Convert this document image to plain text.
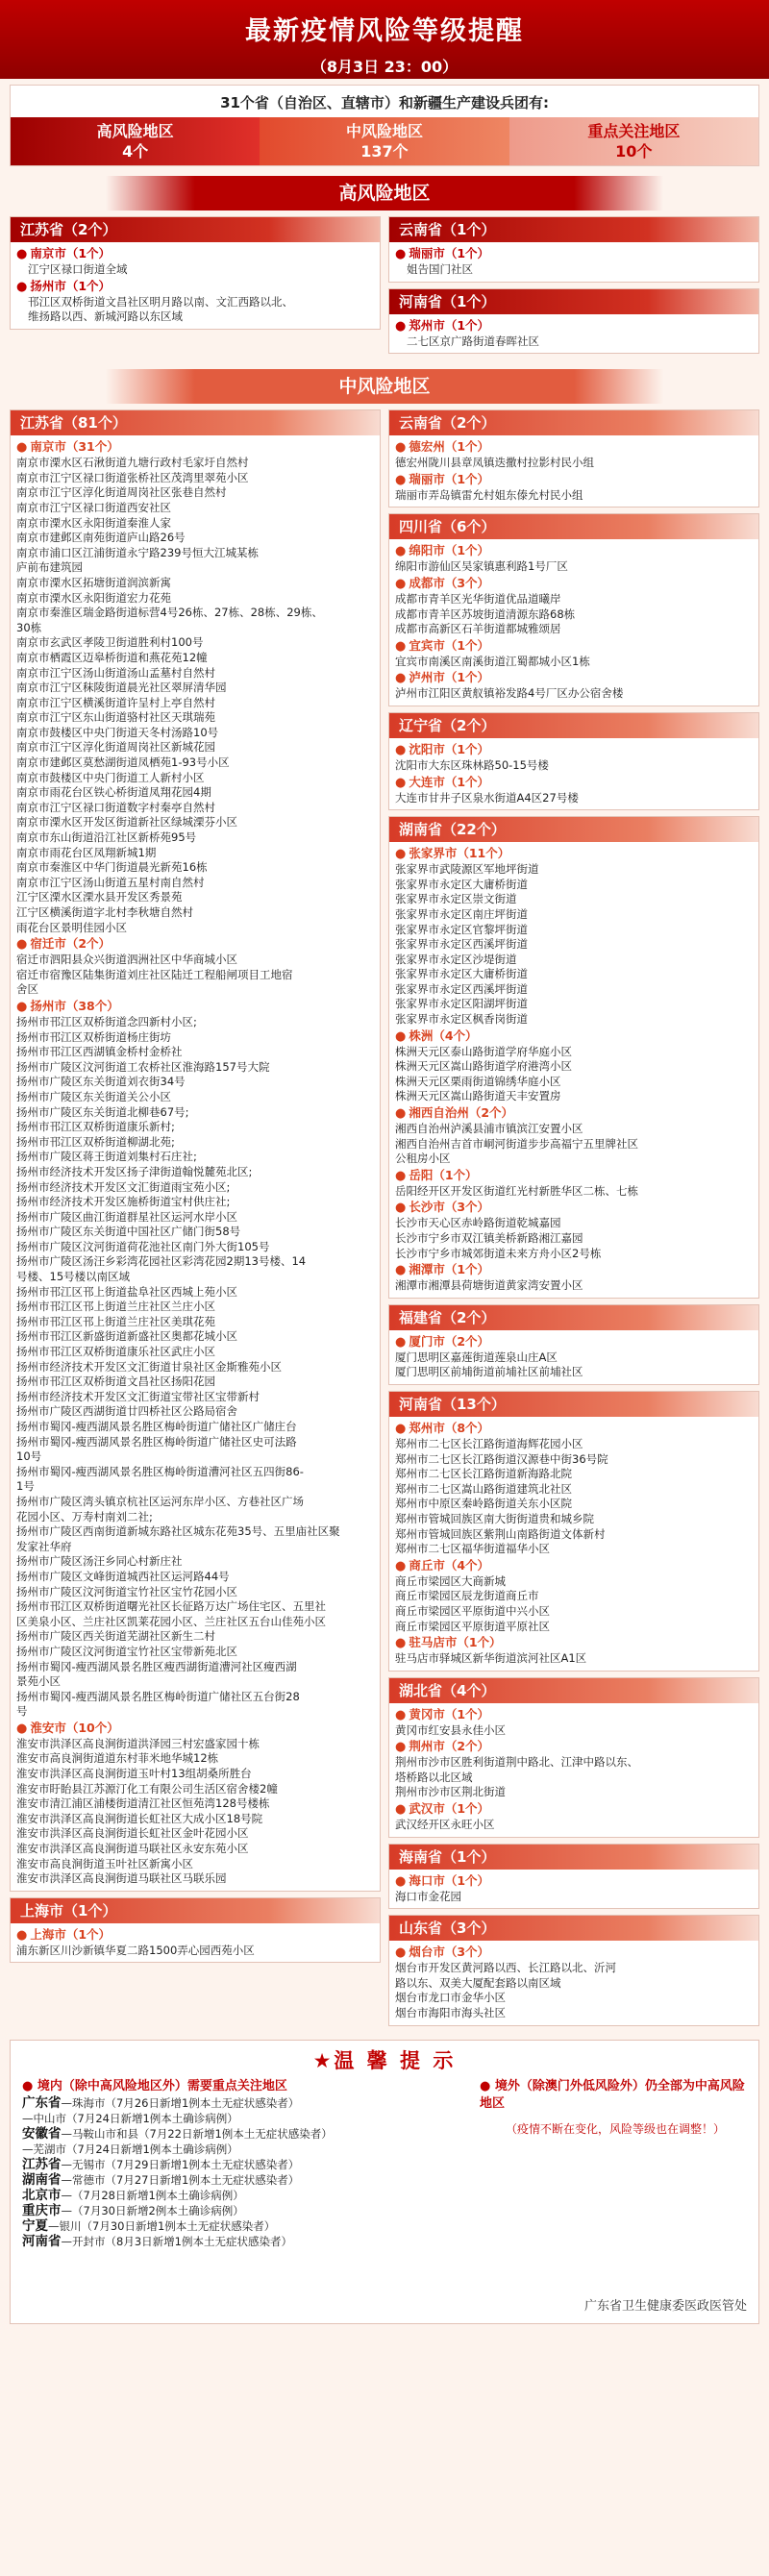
最新疫情风险等级提醒
（8月3日 23：00）
31个省（自治区、直辖市）和新疆生产建设兵团有:
高风险地区
4个
中风险地区
137个
重点关注地区
10个
高风险地区
江苏省（2个）
● 南京市（1个）
江宁区禄口街道全域
● 扬州市（1个）
邗江区双桥街道文昌社区明月路以南、文汇西路以北、
维扬路以西、新城河路以东区域
云南省（1个）
● 瑞丽市（1个）
姐告国门社区
河南省（1个）
● 郑州市（1个）
二七区京广路街道春晖社区
中风险地区
江苏省（81个）
● 南京市（31个）
南京市溧水区石湫街道九塘行政村毛家圩自然村
南京市江宁区禄口街道张桥社区茂湾里翠苑小区
南京市江宁区淳化街道周岗社区张巷自然村
南京市江宁区禄口街道西安社区
南京市溧水区永阳街道秦淮人家
南京市建邺区南苑街道庐山路26号
南京市浦口区江浦街道永宁路239号恒大江城某栋
庐前布建筑园
南京市溧水区拓塘街道润滨新寓
南京市溧水区永阳街道宏力花苑
南京市秦淮区瑞金路街道标营4号26栋、27栋、28栋、29栋、
30栋
南京市玄武区孝陵卫街道胜利村100号
南京市栖霞区迈皋桥街道和燕花苑12幢
南京市江宁区汤山街道汤山孟墓村自然村
南京市江宁区秣陵街道晨光社区翠屏清华园
南京市江宁区横溪街道许呈村上亭自然村
南京市江宁区东山街道骆村社区天琪瑞苑
南京市鼓楼区中央门街道天冬村汤路10号
南京市江宁区淳化街道周岗社区新城花园
南京市建邺区莫愁湖街道凤栖苑1-93号小区
南京市鼓楼区中央门街道工人新村小区
南京市雨花台区铁心桥街道凤翔花园4期
南京市江宁区禄口街道数字村秦亭自然村
南京市溧水区开发区街道新社区绿城溧芬小区
南京市东山街道沿江社区新桥苑95号
南京市雨花台区凤翔新城1期
南京市秦淮区中华门街道晨光新苑16栋
南京市江宁区汤山街道五星村南自然村
江宁区溧水区溧水县开发区秀景苑
江宁区横溪街道字北村李秋塘自然村
雨花台区景明佳园小区
● 宿迁市（2个）
宿迁市泗阳县众兴街道泗洲社区中华商城小区
宿迁市宿豫区陆集街道刘庄社区陆迁工程船闸项目工地宿
舍区
● 扬州市（38个）
扬州市邗江区双桥街道念四新村小区;
扬州市邗江区双桥街道杨庄街坊
扬州市邗江区西湖镇金桥村金桥社
扬州市广陵区汶河街道工农桥社区淮海路157号大院
扬州市广陵区东关街道刘衣街34号
扬州市广陵区东关街道关公小区
扬州市广陵区东关街道北柳巷67号;
扬州市邗江区双桥街道康乐新村;
扬州市邗江区双桥街道柳湖北苑;
扬州市广陵区蒋王街道刘集村石庄社;
扬州市经济技术开发区扬子津街道翰悦麓苑北区;
扬州市经济技术开发区文汇街道雨宝苑小区;
扬州市经济技术开发区施桥街道宝村供庄社;
扬州市广陵区曲江街道群星社区运河水岸小区
扬州市广陵区东关街道中国社区广储门街58号
扬州市广陵区汶河街道荷花池社区南门外大街105号
扬州市广陵区汤汪乡彩湾花园社区彩湾花园2期13号楼、14
号楼、15号楼以南区域
扬州市邗江区邗上街道盐阜社区西城上苑小区
扬州市邗江区邗上街道兰庄社区兰庄小区
扬州市邗江区邗上街道兰庄社区美琪花苑
扬州市邗江区新盛街道新盛社区奥都花城小区
扬州市邗江区双桥街道康乐社区武庄小区
扬州市经济技术开发区文汇街道甘泉社区金斯雅苑小区
扬州市邗江区双桥街道文昌社区扬阳花园
扬州市经济技术开发区文汇街道宝带社区宝带新村
扬州市广陵区西湖街道廿四桥社区公路局宿舍
扬州市蜀冈-瘦西湖风景名胜区梅岭街道广储社区广储庄台
扬州市蜀冈-瘦西湖风景名胜区梅岭街道广储社区史可法路
10号
扬州市蜀冈-瘦西湖风景名胜区梅岭街道漕河社区五四街86-
1号
扬州市广陵区湾头镇京杭社区运河东岸小区、方巷社区广场
花园小区、万寿村南刘二社;
扬州市广陵区西南街道新城东路社区城东花苑35号、五里庙社区聚
发家社华府
扬州市广陵区汤汪乡同心村新庄社
扬州市广陵区文峰街道城西社区运河路44号
扬州市广陵区汶河街道宝竹社区宝竹花园小区
扬州市邗江区双桥街道曙光社区长征路万达广场住宅区、五里社
区美泉小区、兰庄社区凯莱花园小区、兰庄社区五台山佳苑小区
扬州市广陵区西关街道芜湖社区新生二村
扬州市广陵区汶河街道宝竹社区宝带新苑北区
扬州市蜀冈-瘦西湖风景名胜区瘦西湖街道漕河社区瘦西湖
景苑小区
扬州市蜀冈-瘦西湖风景名胜区梅岭街道广储社区五台街28
号
● 淮安市（10个）
淮安市洪泽区高良涧街道洪泽园三村宏盛家园十栋
淮安市高良涧街道道东村菲米地华城12栋
淮安市洪泽区高良涧街道玉叶村13组胡桑所胜台
淮安市盱眙县江苏源汀化工有限公司生活区宿舍楼2幢
淮安市清江浦区浦楼街道清江社区恒苑湾128号楼栋
淮安市洪泽区高良涧街道长虹社区大成小区18号院
淮安市洪泽区高良涧街道长虹社区金叶花园小区
淮安市洪泽区高良涧街道马联社区永安东苑小区
淮安市高良涧街道玉叶社区新寓小区
淮安市洪泽区高良涧街道马联社区马联乐园
上海市（1个）
● 上海市（1个）
浦东新区川沙新镇华夏二路1500弄心园西苑小区
云南省（2个）
● 德宏州（1个）
德宏州陇川县章凤镇迭撒村拉影村民小组
● 瑞丽市（1个）
瑞丽市弄岛镇雷允村姐东傣允村民小组
四川省（6个）
● 绵阳市（1个）
绵阳市游仙区吴家镇惠利路1号厂区
● 成都市（3个）
成都市青羊区光华街道优品道曦岸
成都市青羊区苏坡街道清源东路68栋
成都市高新区石羊街道都城雅颂居
● 宜宾市（1个）
宜宾市南溪区南溪街道江蜀都城小区1栋
● 泸州市（1个）
泸州市江阳区黄舣镇裕发路4号厂区办公宿舍楼
辽宁省（2个）
● 沈阳市（1个）
沈阳市大东区珠林路50-15号楼
● 大连市（1个）
大连市甘井子区泉水街道A4区27号楼
湖南省（22个）
● 张家界市（11个）
张家界市武陵源区军地坪街道
张家界市永定区大庸桥街道
张家界市永定区崇文街道
张家界市永定区南庄坪街道
张家界市永定区官黎坪街道
张家界市永定区西溪坪街道
张家界市永定区沙堤街道
张家界市永定区大庸桥街道
张家界市永定区西溪坪街道
张家界市永定区阳湖坪街道
张家界市永定区枫香岗街道
● 株洲（4个）
株洲天元区泰山路街道学府华庭小区
株洲天元区嵩山路街道学府港湾小区
株洲天元区栗雨街道锦绣华庭小区
株洲天元区嵩山路街道天丰安置房
● 湘西自治州（2个）
湘西自治州泸溪县浦市镇滨江安置小区
湘西自治州吉首市峒河街道步步高福宁五里牌社区
公租房小区
● 岳阳（1个）
岳阳经开区开发区街道红光村新胜华区二栋、七栋
● 长沙市（3个）
长沙市天心区赤岭路街道乾城嘉园
长沙市宁乡市双江镇美桥新路湘江嘉园
长沙市宁乡市城郊街道未来方舟小区2号栋
● 湘潭市（1个）
湘潭市湘潭县荷塘街道黄家湾安置小区
福建省（2个）
● 厦门市（2个）
厦门思明区嘉莲街道莲泉山庄A区
厦门思明区前埔街道前埔社区前埔社区
河南省（13个）
● 郑州市（8个）
郑州市二七区长江路街道海辉花园小区
郑州市二七区长江路街道汉源巷中街36号院
郑州市二七区长江路街道新海路北院
郑州市二七区嵩山路街道建筑北社区
郑州市中原区秦岭路街道关东小区院
郑州市管城回族区南大街街道贵和城乡院
郑州市管城回族区紫荆山南路街道文体新村
郑州市二七区福华街道福华小区
● 商丘市（4个）
商丘市梁园区大商新城
商丘市梁园区辰龙街道商丘市
商丘市梁园区平原街道中兴小区
商丘市梁园区平原街道平原社区
● 驻马店市（1个）
驻马店市驿城区新华街道滨河社区A1区
湖北省（4个）
● 黄冈市（1个）
黄冈市红安县永佳小区
● 荆州市（2个）
荆州市沙市区胜利街道荆中路北、江津中路以东、
塔桥路以北区域
荆州市沙市区荆北街道
● 武汉市（1个）
武汉经开区永旺小区
海南省（1个）
● 海口市（1个）
海口市金花园
山东省（3个）
● 烟台市（3个）
烟台市开发区黄河路以西、长江路以北、沂河
路以东、双美大厦配套路以南区域
烟台市龙口市金华小区
烟台市海阳市海头社区
★温 馨 提 示
● 境内（除中高风险地区外）需要重点关注地区
广东省—珠海市（7月26日新增1例本土无症状感染者）
—中山市（7月24日新增1例本土确诊病例）
安徽省—马鞍山市和县（7月22日新增1例本土无症状感染者）
—芜湖市（7月24日新增1例本土确诊病例）
江苏省—无锡市（7月29日新增1例本土无症状感染者）
湖南省—常德市（7月27日新增1例本土无症状感染者）
北京市—（7月28日新增1例本土确诊病例）
重庆市—（7月30日新增2例本土确诊病例）
宁夏—银川（7月30日新增1例本土无症状感染者）
河南省—开封市（8月3日新增1例本土无症状感染者）
● 境外（除澳门外低风险外）仍全部为中高风险地区
（疫情不断在变化，风险等级也在调整！）
广东省卫生健康委医政医管处
